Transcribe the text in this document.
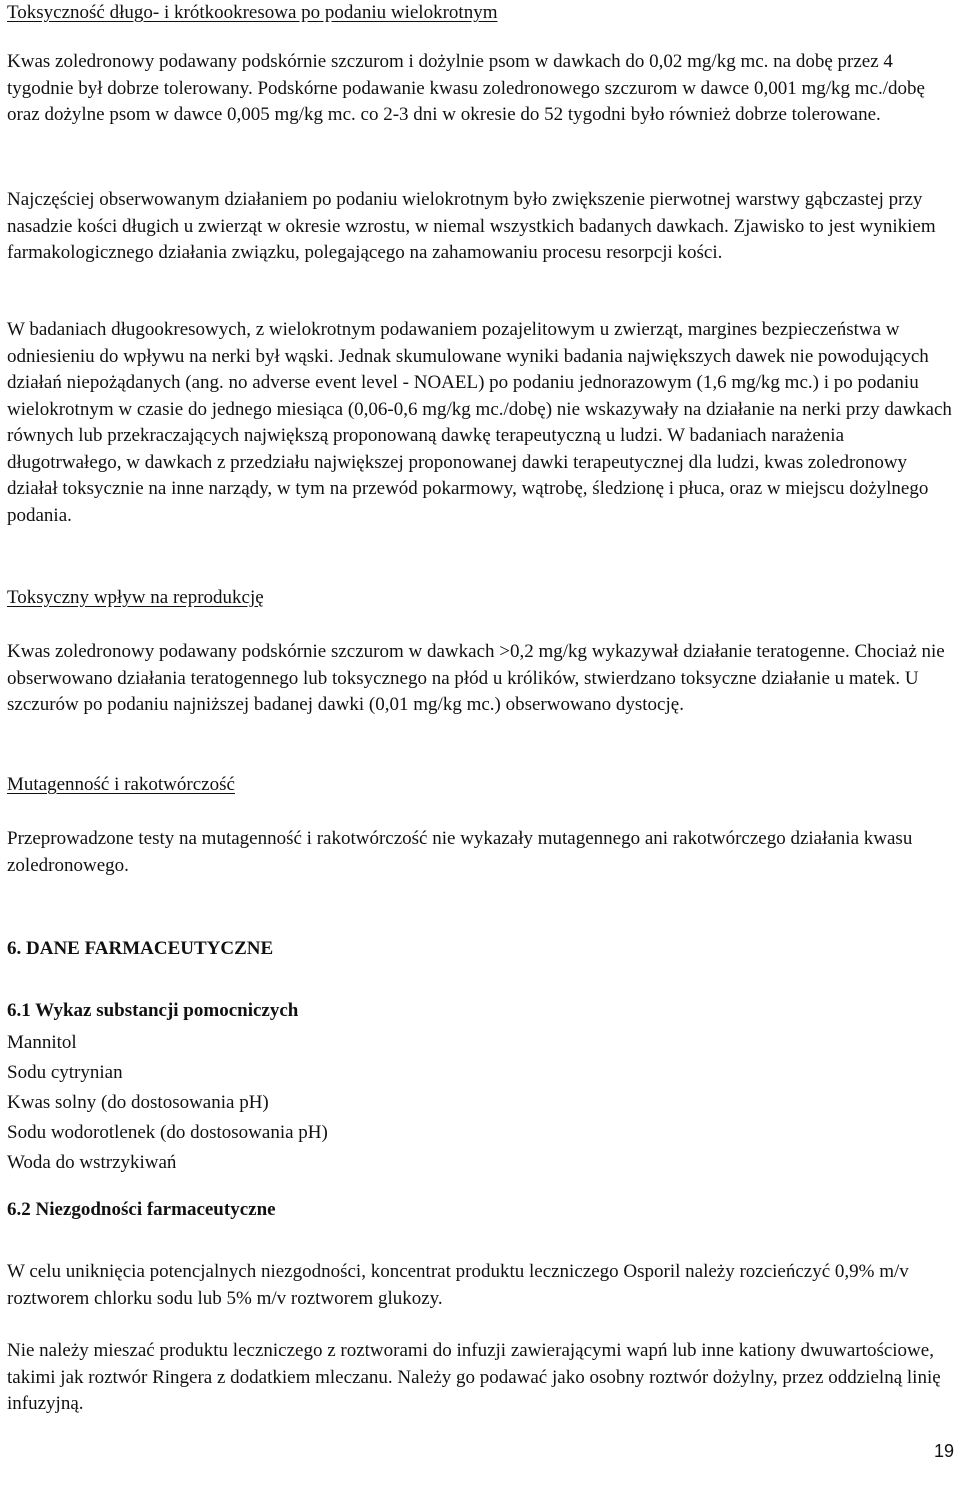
Toksyczność długo- i krótkookresowa po podaniu wielokrotnym

Kwas zoledronowy podawany podskórnie szczurom i dożylnie psom w dawkach do 0,02 mg/kg mc. na dobę przez 4 tygodnie był dobrze tolerowany. Podskórne podawanie kwasu zoledronowego szczurom w dawce 0,001 mg/kg mc./dobę oraz dożylne psom w dawce 0,005 mg/kg mc. co 2-3 dni w okresie do 52 tygodni było również dobrze tolerowane.

Najczęściej obserwowanym działaniem po podaniu wielokrotnym było zwiększenie pierwotnej warstwy gąbczastej przy nasadzie kości długich u zwierząt w okresie wzrostu, w niemal wszystkich badanych dawkach. Zjawisko to jest wynikiem farmakologicznego działania związku, polegającego na zahamowaniu procesu resorpcji kości.

W badaniach długookresowych, z wielokrotnym podawaniem pozajelitowym u zwierząt, margines bezpieczeństwa w odniesieniu do wpływu na nerki był wąski. Jednak skumulowane wyniki badania największych dawek nie powodujących działań niepożądanych (ang. no adverse event level - NOAEL) po podaniu jednorazowym (1,6 mg/kg mc.) i po podaniu wielokrotnym w czasie do jednego miesiąca (0,06-0,6 mg/kg mc./dobę) nie wskazywały na działanie na nerki przy dawkach równych lub przekraczających największą proponowaną dawkę terapeutyczną u ludzi. W badaniach narażenia długotrwałego, w dawkach z przedziału największej proponowanej dawki terapeutycznej dla ludzi, kwas zoledronowy działał toksycznie na inne narządy, w tym na przewód pokarmowy, wątrobę, śledzionę i płuca, oraz w miejscu dożylnego podania.

Toksyczny wpływ na reprodukcję

Kwas zoledronowy podawany podskórnie szczurom w dawkach >0,2 mg/kg wykazywał działanie teratogenne. Chociaż nie obserwowano działania teratogennego lub toksycznego na płód u królików, stwierdzano toksyczne działanie u matek. U szczurów po podaniu najniższej badanej dawki (0,01 mg/kg mc.) obserwowano dystocję.

Mutagenność i rakotwórczość

Przeprowadzone testy na mutagenność i rakotwórczość nie wykazały mutagennego ani rakotwórczego działania kwasu zoledronowego.

6. DANE FARMACEUTYCZNE
6.1 Wykaz substancji pomocniczych
Mannitol
Sodu cytrynian
Kwas solny (do dostosowania pH)
Sodu wodorotlenek (do dostosowania pH)
Woda do wstrzykiwań
6.2 Niezgodności farmaceutyczne

W celu uniknięcia potencjalnych niezgodności, koncentrat produktu leczniczego Osporil należy rozcieńczyć 0,9% m/v roztworem chlorku sodu lub 5% m/v roztworem glukozy.

Nie należy mieszać produktu leczniczego z roztworami do infuzji zawierającymi wapń lub inne kationy dwuwartościowe, takimi jak roztwór Ringera z dodatkiem mleczanu. Należy go podawać jako osobny roztwór dożylny, przez oddzielną linię infuzyjną.

19
